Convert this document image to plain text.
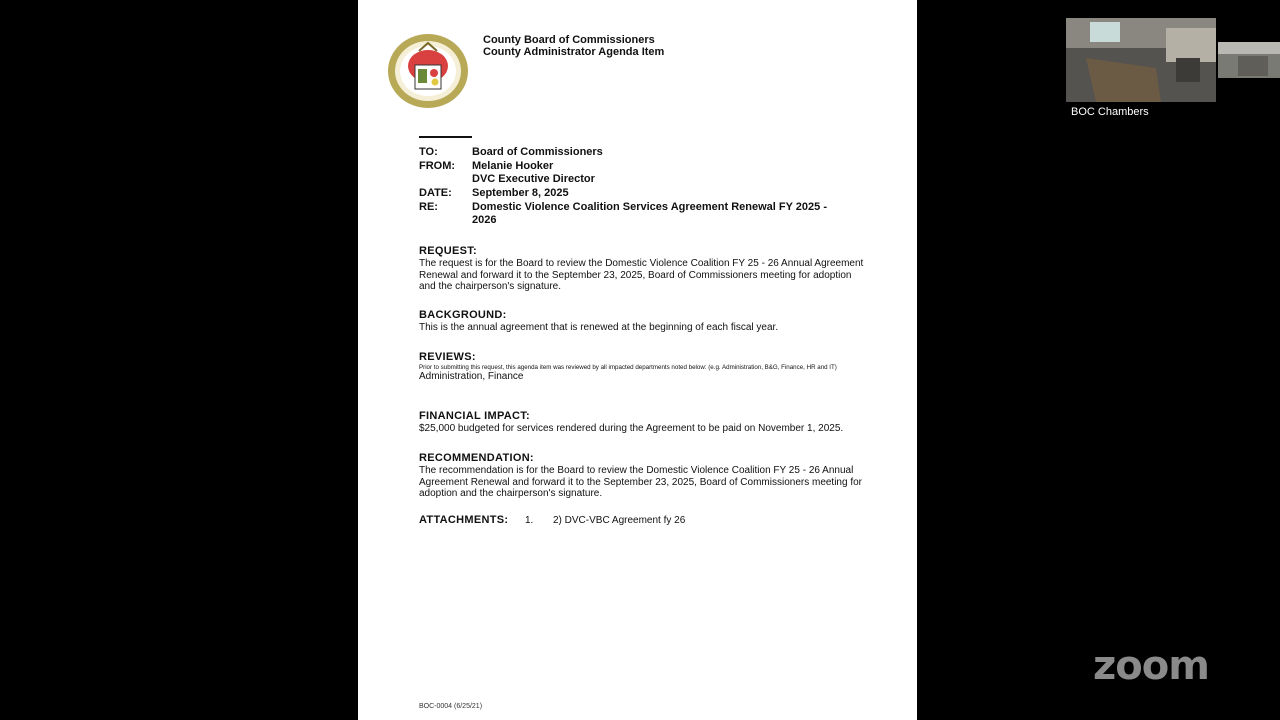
County Board of Commissioners
County Administrator Agenda Item
TO:	Board of Commissioners
FROM:	Melanie Hooker
DVC Executive Director
DATE:	September 8, 2025
RE:	Domestic Violence Coalition Services Agreement Renewal FY 2025 - 2026
REQUEST:

The request is for the Board to review the Domestic Violence Coalition FY 25 - 26 Annual Agreement Renewal and forward it to the September 23, 2025, Board of Commissioners meeting for adoption and the chairperson's signature.

BACKGROUND:

This is the annual agreement that is renewed at the beginning of each fiscal year.

REVIEWS:

Prior to submitting this request, this agenda item was reviewed by all impacted departments noted below: (e.g. Administration, B&G, Finance, HR and IT)

Administration, Finance

FINANCIAL IMPACT:

$25,000 budgeted for services rendered during the Agreement to be paid on November 1, 2025.

RECOMMENDATION:

The recommendation is for the Board to review the Domestic Violence Coalition FY 25 - 26 Annual Agreement Renewal and forward it to the September 23, 2025, Board of Commissioners meeting for adoption and the chairperson's signature.

ATTACHMENTS:	1.	2) DVC-VBC Agreement fy 26
BOC-0004 (6/25/21)
BOC Chambers
zoom
